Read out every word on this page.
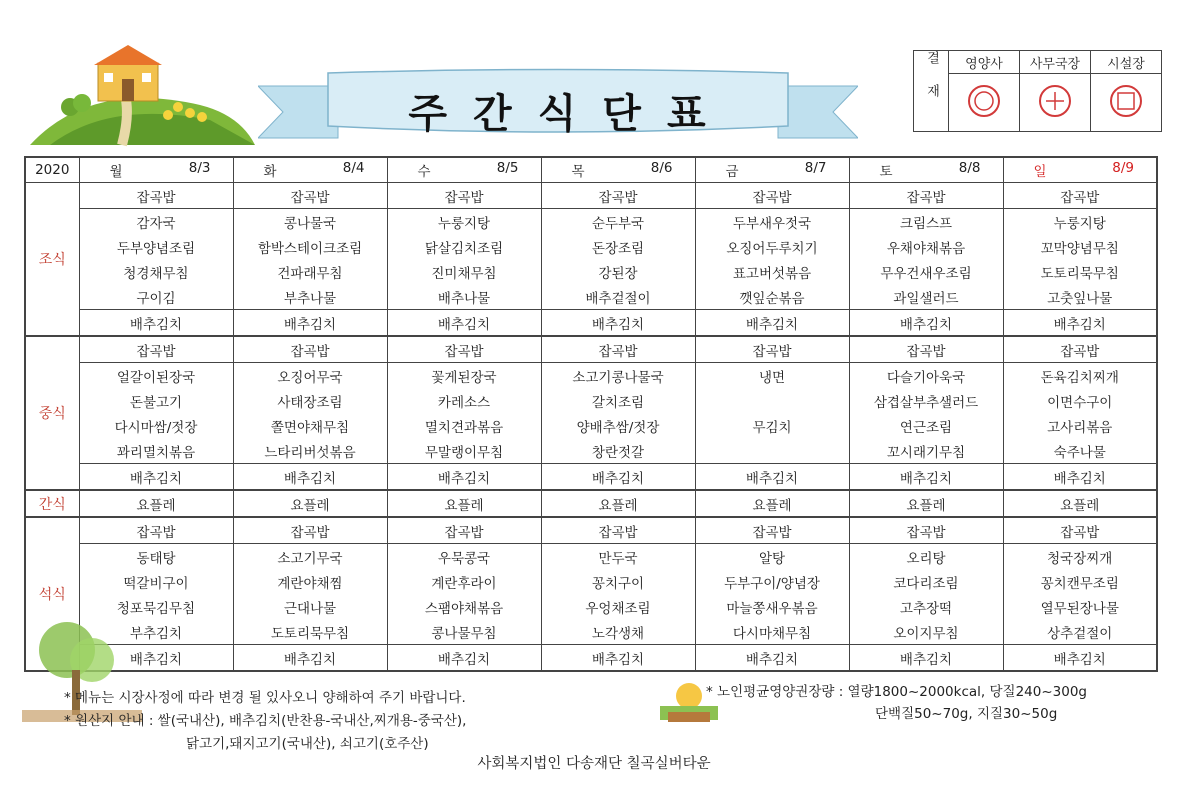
주간식단표	결재	영양사	사무국장	시설장

2020	월 8/3	화 8/4	수 8/5	목 8/6	금 8/7	토 8/8	일 8/9

조식	잡곡밥	잡곡밥	잡곡밥	잡곡밥	잡곡밥	잡곡밥	잡곡밥
	감자국	콩나물국	누룽지탕	순두부국	두부새우젓국	크림스프	누룽지탕
	두부양념조림	함박스테이크조림	닭살김치조림	돈장조림	오징어두루치기	우채야채볶음	꼬막양념무침
	청경채무침	건파래무침	진미채무침	강된장	표고버섯볶음	무우건새우조림	도토리묵무침
	구이김	부추나물	배추나물	배추겉절이	깻잎순볶음	과일샐러드	고춧잎나물
	배추김치	배추김치	배추김치	배추김치	배추김치	배추김치	배추김치
중식	잡곡밥	잡곡밥	잡곡밥	잡곡밥	잡곡밥	잡곡밥	잡곡밥
	얼갈이된장국	오징어무국	꽃게된장국	소고기콩나물국	냉면	다슬기아욱국	돈육김치찌개
	돈불고기	사태장조림	카레소스	갈치조림		삼겹살부추샐러드	이면수구이
	다시마쌈/젓장	쫄면야채무침	멸치견과볶음	양배추쌈/젓장	무김치	연근조림	고사리볶음
	꽈리멸치볶음	느타리버섯볶음	무말랭이무침	창란젓갈		꼬시래기무침	숙주나물
	배추김치	배추김치	배추김치	배추김치	배추김치	배추김치	배추김치
간식	요플레	요플레	요플레	요플레	요플레	요플레	요플레
석식	잡곡밥	잡곡밥	잡곡밥	잡곡밥	잡곡밥	잡곡밥	잡곡밥
	동태탕	소고기무국	우묵콩국	만두국	알탕	오리탕	청국장찌개
	떡갈비구이	계란야채찜	계란후라이	꽁치구이	두부구이/양념장	코다리조림	꽁치캔무조림
	청포묵김무침	근대나물	스팸야채볶음	우엉채조림	마늘쫑새우볶음	고추장떡	열무된장나물
	부추김치	도토리묵무침	콩나물무침	노각생채	다시마채무침	오이지무침	상추겉절이
	배추김치	배추김치	배추김치	배추김치	배추김치	배추김치	배추김치
* 메뉴는 시장사정에 따라 변경 될 있사오니 양해하여 주기 바랍니다.
* 원산지 안내 : 쌀(국내산), 배추김치(반찬용-국내산,찌개용-중국산),
닭고기,돼지고기(국내산), 쇠고기(호주산)
* 노인평균영양권장량 : 열량1800~2000kcal, 당질240~300g
단백질50~70g, 지질30~50g
사회복지법인 다송재단 칠곡실버타운
